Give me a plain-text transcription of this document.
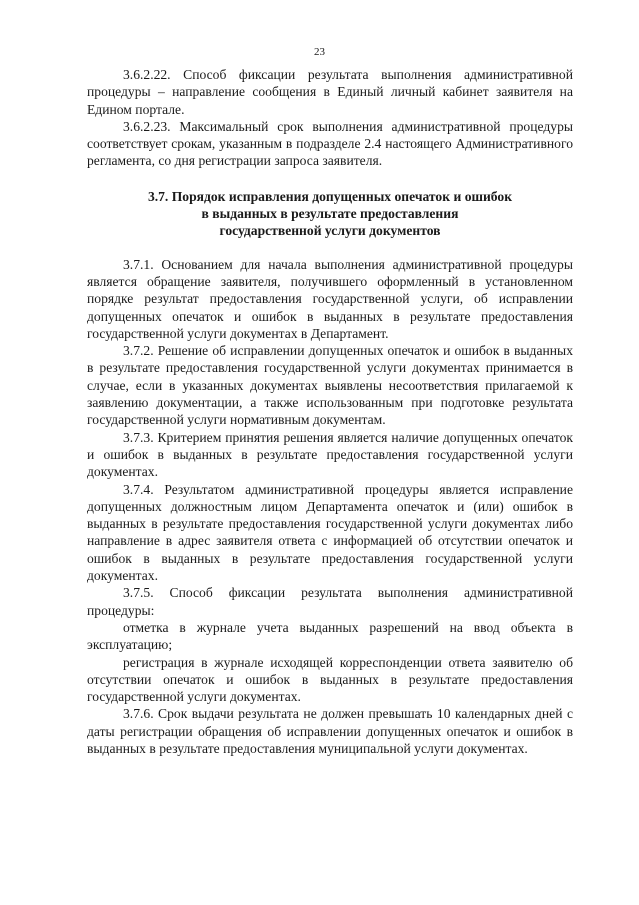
23

3.6.2.22. Способ фиксации результата выполнения административной процедуры – направление сообщения в Единый личный кабинет заявителя на Едином портале.

3.6.2.23. Максимальный срок выполнения административной процедуры соответствует срокам, указанным в подразделе 2.4 настоящего Административного регламента, со дня регистрации запроса заявителя.

3.7. Порядок исправления допущенных опечаток и ошибок
в выданных в результате предоставления
государственной услуги документов

3.7.1. Основанием для начала выполнения административной процедуры является обращение заявителя, получившего оформленный в установленном порядке результат предоставления государственной услуги, об исправлении допущенных опечаток и ошибок в выданных в результате предоставления государственной услуги документах в Департамент.

3.7.2. Решение об исправлении допущенных опечаток и ошибок в выданных в результате предоставления государственной услуги документах принимается в случае, если в указанных документах выявлены несоответствия прилагаемой к заявлению документации, а также использованным при подготовке результата государственной услуги нормативным документам.

3.7.3. Критерием принятия решения является наличие допущенных опечаток и ошибок в выданных в результате предоставления государственной услуги документах.

3.7.4. Результатом административной процедуры является исправление допущенных должностным лицом Департамента опечаток и (или) ошибок в выданных в результате предоставления государственной услуги документах либо направление в адрес заявителя ответа с информацией об отсутствии опечаток и ошибок в выданных в результате предоставления государственной услуги документах.

3.7.5. Способ фиксации результата выполнения административной процедуры:

отметка в журнале учета выданных разрешений на ввод объекта в эксплуатацию;

регистрация в журнале исходящей корреспонденции ответа заявителю об отсутствии опечаток и ошибок в выданных в результате предоставления государственной услуги документах.

3.7.6. Срок выдачи результата не должен превышать 10 календарных дней с даты регистрации обращения об исправлении допущенных опечаток и ошибок в выданных в результате предоставления муниципальной услуги документах.
